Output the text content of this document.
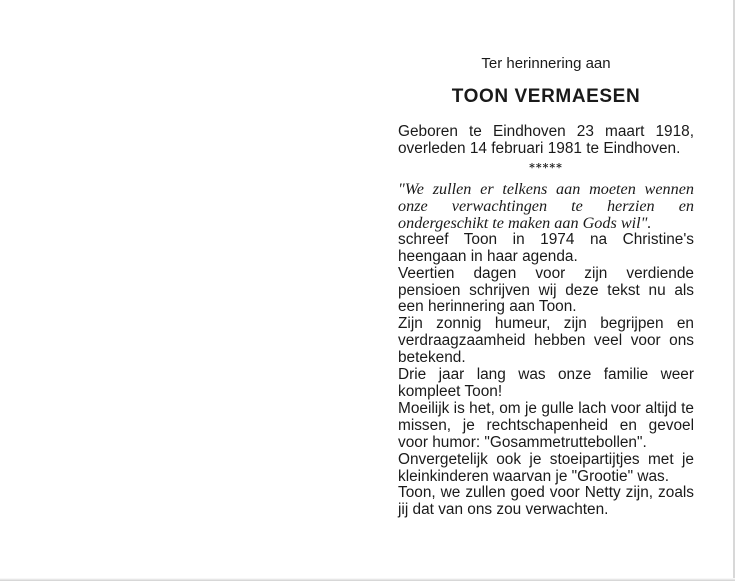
Ter herinnering aan
TOON VERMAESEN

Geboren te Eindhoven 23 maart 1918, overleden 14 februari 1981 te Eindhoven.

*****

"We zullen er telkens aan moeten wennen onze verwachtingen te herzien en ondergeschikt te maken aan Gods wil".

schreef Toon in 1974 na Christine's heengaan in haar agenda.

Veertien dagen voor zijn verdiende pensioen schrijven wij deze tekst nu als een herinnering aan Toon.

Zijn zonnig humeur, zijn begrijpen en verdraagzaamheid hebben veel voor ons betekend.

Drie jaar lang was onze familie weer kompleet Toon!

Moeilijk is het, om je gulle lach voor altijd te missen, je rechtschapenheid en gevoel voor humor: "Gosammetruttebollen".

Onvergetelijk ook je stoeipartijtjes met je kleinkinderen waarvan je "Grootie" was.

Toon, we zullen goed voor Netty zijn, zoals jij dat van ons zou verwachten.
